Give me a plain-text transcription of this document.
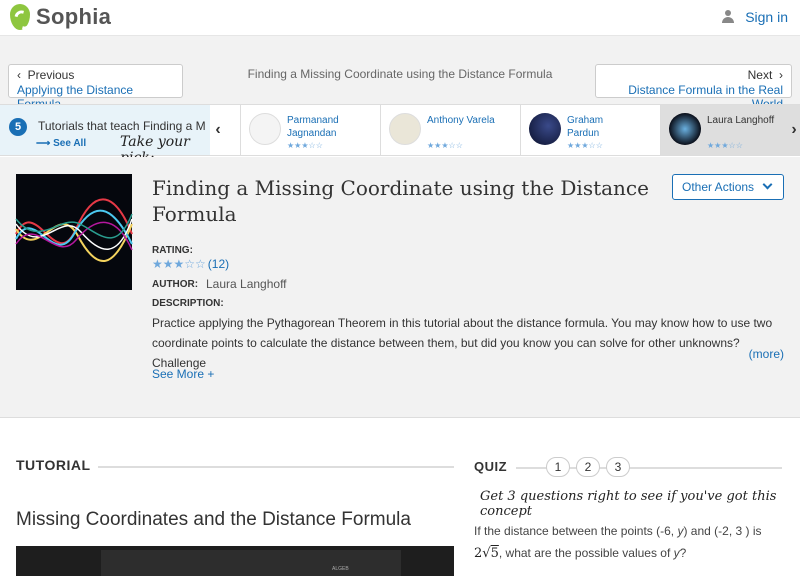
Sophia	Sign in
‹ Previous
Applying the Distance
Finding a Missing Coordinate using the Distance Formula	Next ›
Distance Formula in the Real
5	Tutorials that teach Finding a M
⟶ See All Take your
‹
Parmanand
Jagnandan
★★★☆☆
Anthony Varela
★★★☆☆
Graham
Pardun
★★★☆☆
Laura Langhoff
★★★☆☆
›
Finding a Missing Coordinate using the Distance Formula
Other Actions
RATING:
★★★☆☆ (12)
AUTHOR: Laura Langhoff
DESCRIPTION:
Practice applying the Pythagorean Theorem in this tutorial about the distance formula. You may know how to use two coordinate points to calculate the distance between them, but did you know you can solve for other unknowns? Challenge
(more)
See More +
TUTORIAL	QUIZ	1	2	3
Get 3 questions right to see if you've got this concept
Missing Coordinates and the Distance Formula
ALGEB
If the distance between the points (-6, y) and (-2, 3 ) is
2√5, what are the possible values of y?
